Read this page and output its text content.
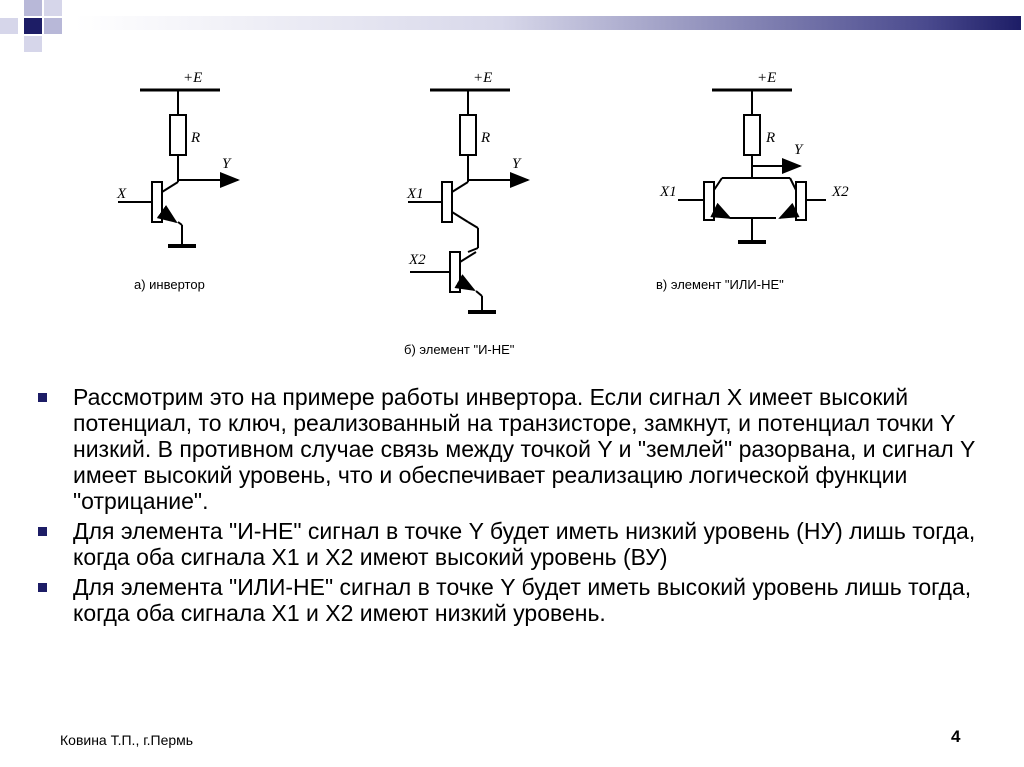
+E
R
Y
X
а) инвертор
+E
R
Y
X1
X2
б) элемент "И-НЕ"
+E
R
Y
X1	X2
в) элемент "ИЛИ-НЕ"
Рассмотрим это на примере работы инвертора. Если сигнал X имеет высокий потенциал, то ключ, реализованный на транзисторе, замкнут, и потенциал точки Y низкий. В противном случае связь между точкой Y и "землей" разорвана, и сигнал Y имеет высокий уровень, что и обеспечивает реализацию логической функции "отрицание".
Для элемента "И-НЕ" сигнал в точке Y будет иметь низкий уровень (НУ) лишь тогда, когда оба сигнала X1 и X2 имеют высокий уровень (ВУ)
Для элемента "ИЛИ-НЕ" сигнал в точке Y будет иметь высокий уровень лишь тогда, когда оба сигнала X1 и X2 имеют низкий уровень.
Ковина Т.П., г.Пермь	4
